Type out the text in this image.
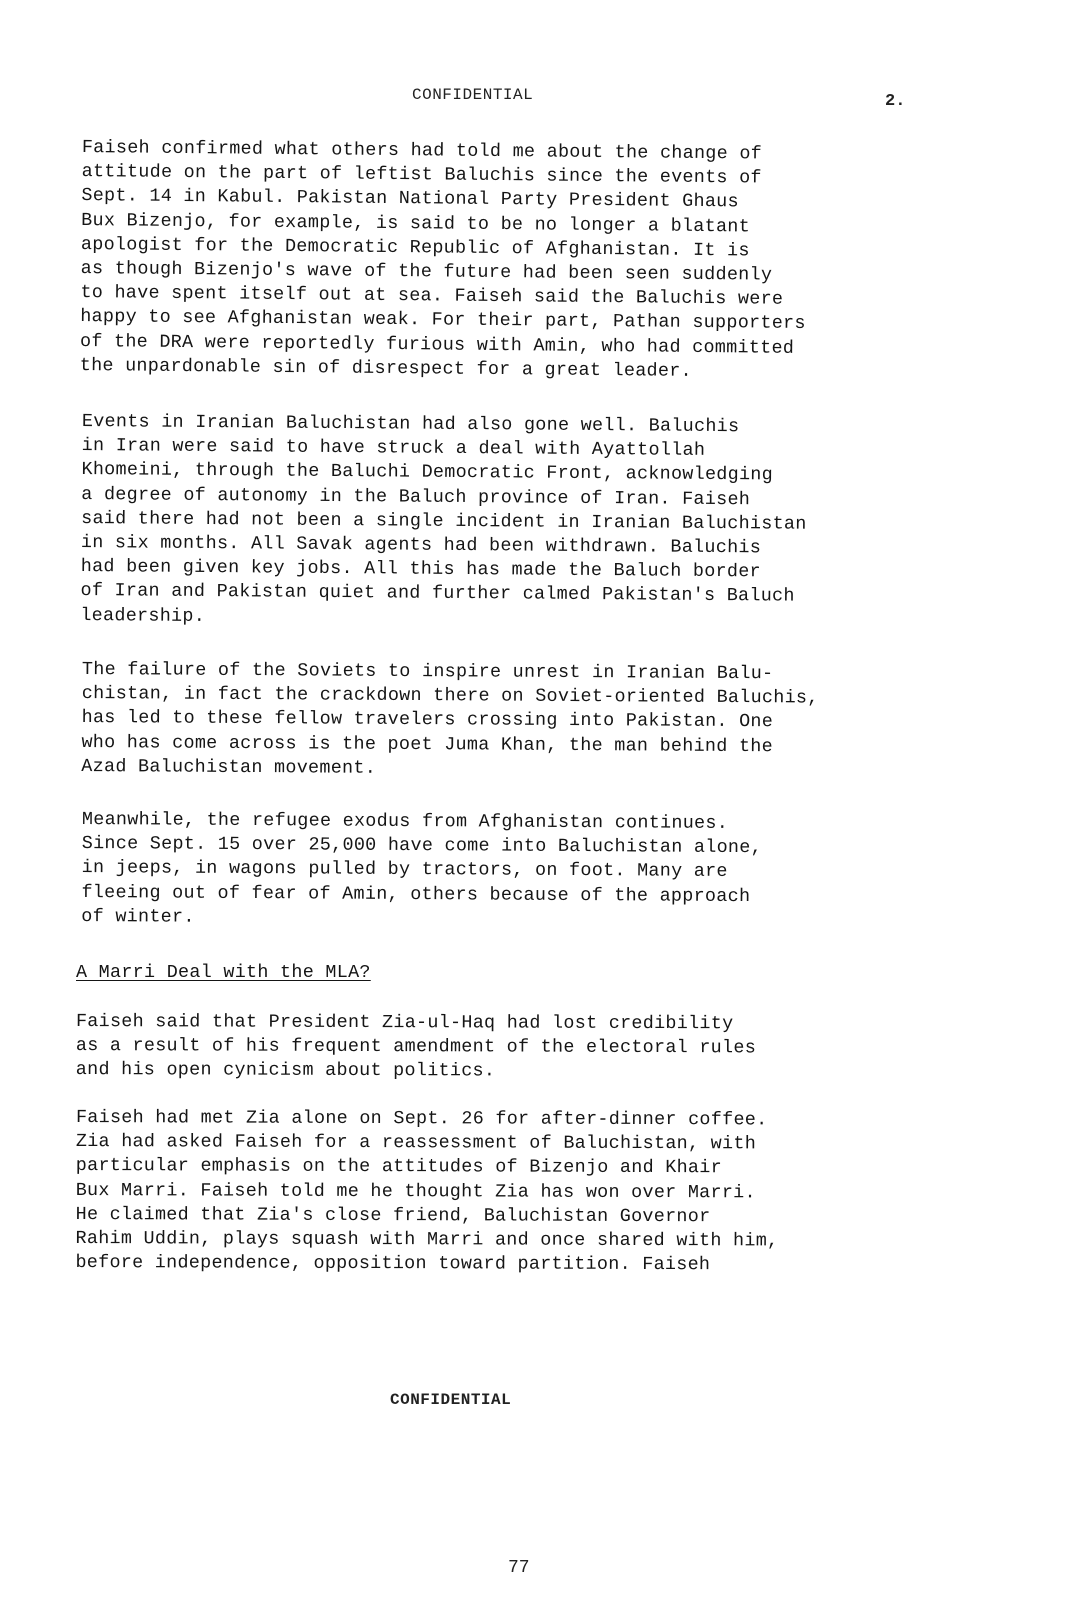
CONFIDENTIAL	2.

Faiseh confirmed what others had told me about the change of
attitude on the part of leftist Baluchis since the events of
Sept. 14 in Kabul. Pakistan National Party President Ghaus
Bux Bizenjo, for example, is said to be no longer a blatant
apologist for the Democratic Republic of Afghanistan. It is
as though Bizenjo's wave of the future had been seen suddenly
to have spent itself out at sea. Faiseh said the Baluchis were
happy to see Afghanistan weak. For their part, Pathan supporters
of the DRA were reportedly furious with Amin, who had committed
the unpardonable sin of disrespect for a great leader.

Events in Iranian Baluchistan had also gone well. Baluchis
in Iran were said to have struck a deal with Ayattollah
Khomeini, through the Baluchi Democratic Front, acknowledging
a degree of autonomy in the Baluch province of Iran. Faiseh
said there had not been a single incident in Iranian Baluchistan
in six months. All Savak agents had been withdrawn. Baluchis
had been given key jobs. All this has made the Baluch border
of Iran and Pakistan quiet and further calmed Pakistan's Baluch
leadership.

The failure of the Soviets to inspire unrest in Iranian Balu-
chistan, in fact the crackdown there on Soviet-oriented Baluchis,
has led to these fellow travelers crossing into Pakistan. One
who has come across is the poet Juma Khan, the man behind the
Azad Baluchistan movement.

Meanwhile, the refugee exodus from Afghanistan continues.
Since Sept. 15 over 25,000 have come into Baluchistan alone,
in jeeps, in wagons pulled by tractors, on foot. Many are
fleeing out of fear of Amin, others because of the approach
of winter.

A Marri Deal with the MLA?

Faiseh said that President Zia-ul-Haq had lost credibility
as a result of his frequent amendment of the electoral rules
and his open cynicism about politics.

Faiseh had met Zia alone on Sept. 26 for after-dinner coffee.
Zia had asked Faiseh for a reassessment of Baluchistan, with
particular emphasis on the attitudes of Bizenjo and Khair
Bux Marri. Faiseh told me he thought Zia has won over Marri.
He claimed that Zia's close friend, Baluchistan Governor
Rahim Uddin, plays squash with Marri and once shared with him,
before independence, opposition toward partition. Faiseh

CONFIDENTIAL
77
